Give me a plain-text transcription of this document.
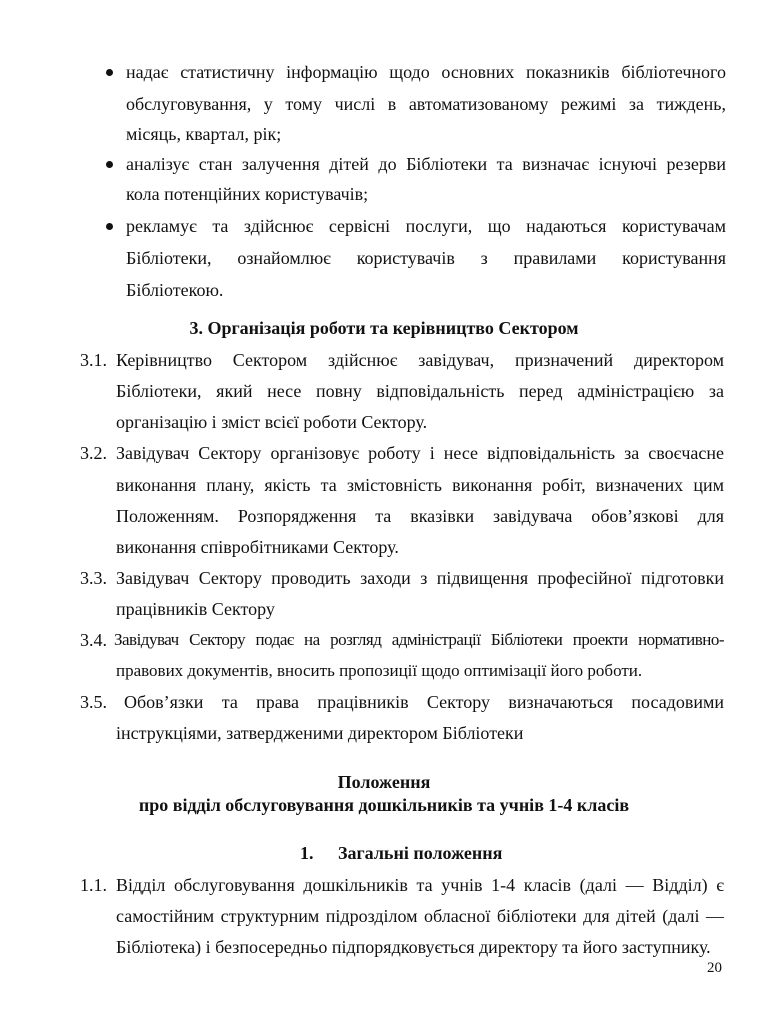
надає статистичну інформацію щодо основних показників бібліотечного
обслуговування, у тому числі в автоматизованому режимі за тиждень,
місяць, квартал, рік;
аналізує стан залучення дітей до Бібліотеки та визначає існуючі резерви
кола потенційних користувачів;
рекламує та здійснює сервісні послуги, що надаються користувачам
Бібліотеки, ознайомлює користувачів з правилами користування
Бібліотекою.
3. Організація роботи та керівництво Сектором
3.1. Керівництво Сектором здійснює завідувач, призначений директором
Бібліотеки, який несе повну відповідальність перед адміністрацією за
організацію і зміст всієї роботи Сектору.
3.2. Завідувач Сектору організовує роботу і несе відповідальність за своєчасне
виконання плану, якість та змістовність виконання робіт, визначених цим
Положенням. Розпорядження та вказівки завідувача обов’язкові для
виконання співробітниками Сектору.
3.3. Завідувач Сектору проводить заходи з підвищення професійної підготовки
працівників Сектору
3.4. Завідувач Сектору подає на розгляд адміністрації Бібліотеки проекти нормативно-
правових документів, вносить пропозиції щодо оптимізації його роботи.
3.5. Обов’язки та права працівників Сектору визначаються посадовими
інструкціями, затвердженими директором Бібліотеки
Положення
про відділ обслуговування дошкільників та учнів 1-4 класів
1. Загальні положення
1.1. Відділ обслуговування дошкільників та учнів 1-4 класів (далі — Відділ) є
самостійним структурним підрозділом обласної бібліотеки для дітей (далі —
Бібліотека) і безпосередньо підпорядковується директору та його заступнику.
20
